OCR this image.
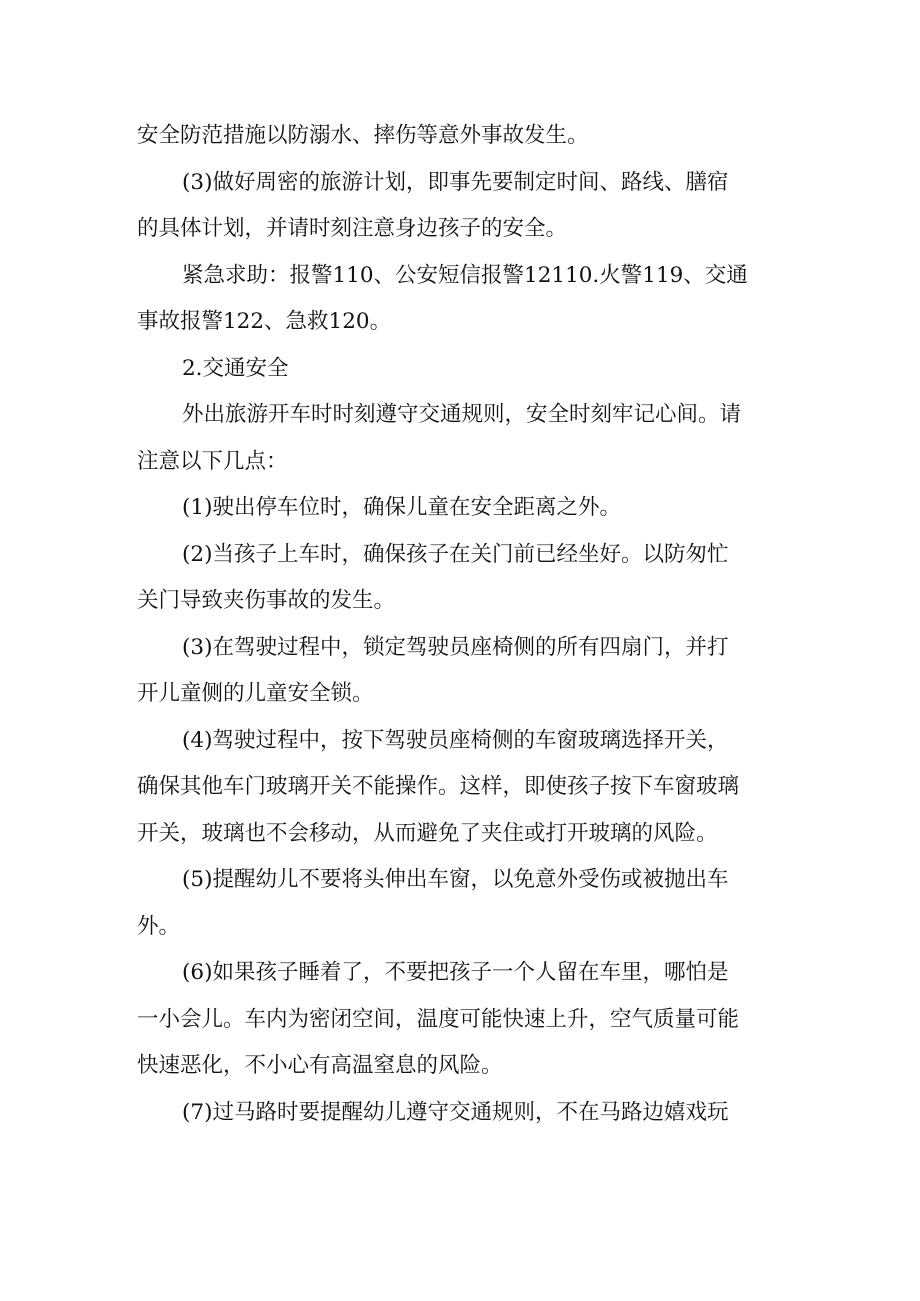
安全防范措施以防溺水、摔伤等意外事故发生。

(3)做好周密的旅游计划，即事先要制定时间、路线、膳宿
的具体计划，并请时刻注意身边孩子的安全。

紧急求助：报警110、公安短信报警12110.火警119、交通
事故报警122、急救120。

2.交通安全

外出旅游开车时时刻遵守交通规则，安全时刻牢记心间。请
注意以下几点：

(1)驶出停车位时，确保儿童在安全距离之外。

(2)当孩子上车时，确保孩子在关门前已经坐好。以防匆忙
关门导致夹伤事故的发生。

(3)在驾驶过程中，锁定驾驶员座椅侧的所有四扇门，并打
开儿童侧的儿童安全锁。

(4)驾驶过程中，按下驾驶员座椅侧的车窗玻璃选择开关，
确保其他车门玻璃开关不能操作。这样，即使孩子按下车窗玻璃
开关，玻璃也不会移动，从而避免了夹住或打开玻璃的风险。

(5)提醒幼儿不要将头伸出车窗，以免意外受伤或被抛出车
外。

(6)如果孩子睡着了，不要把孩子一个人留在车里，哪怕是
一小会儿。车内为密闭空间，温度可能快速上升，空气质量可能
快速恶化，不小心有高温窒息的风险。

(7)过马路时要提醒幼儿遵守交通规则，不在马路边嬉戏玩
